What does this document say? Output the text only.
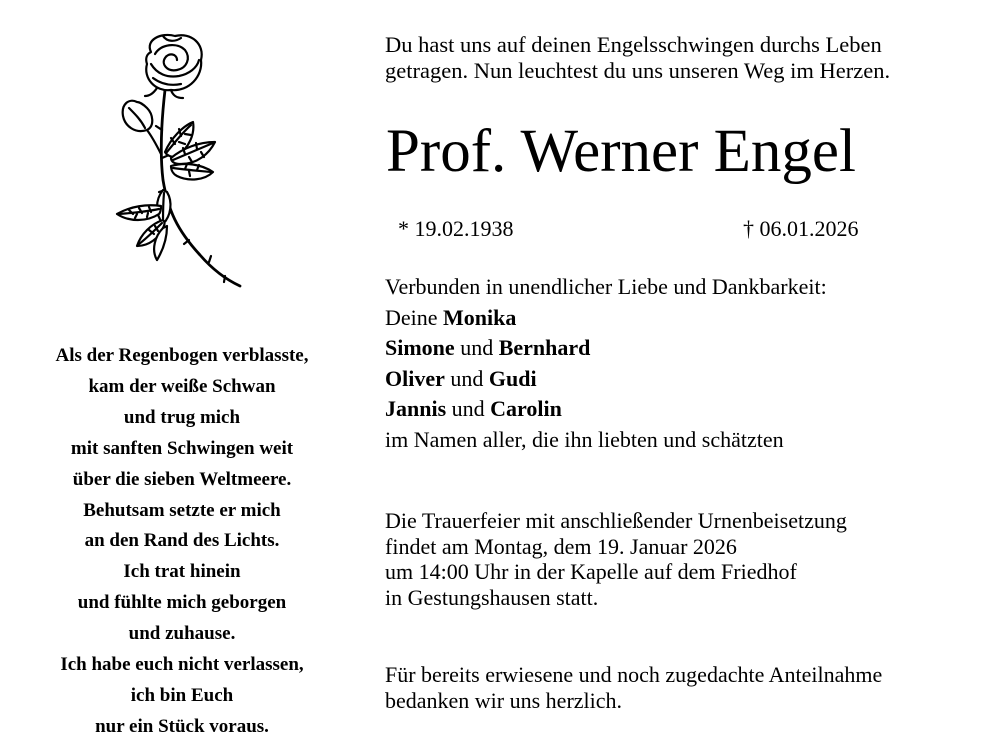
Als der Regenbogen verblasste,
kam der weiße Schwan
und trug mich
mit sanften Schwingen weit
über die sieben Weltmeere.
Behutsam setzte er mich
an den Rand des Lichts.
Ich trat hinein
und fühlte mich geborgen
und zuhause.
Ich habe euch nicht verlassen,
ich bin Euch
nur ein Stück voraus.
Du hast uns auf deinen Engelsschwingen durchs Leben
getragen. Nun leuchtest du uns unseren Weg im Herzen.
Prof. Werner Engel
* 19.02.1938	† 06.01.2026
Verbunden in unendlicher Liebe und Dankbarkeit:
Deine Monika
Simone und Bernhard
Oliver und Gudi
Jannis und Carolin
im Namen aller, die ihn liebten und schätzten
Die Trauerfeier mit anschließender Urnenbeisetzung
findet am Montag, dem 19. Januar 2026
um 14:00 Uhr in der Kapelle auf dem Friedhof
in Gestungshausen statt.
Für bereits erwiesene und noch zugedachte Anteilnahme
bedanken wir uns herzlich.
